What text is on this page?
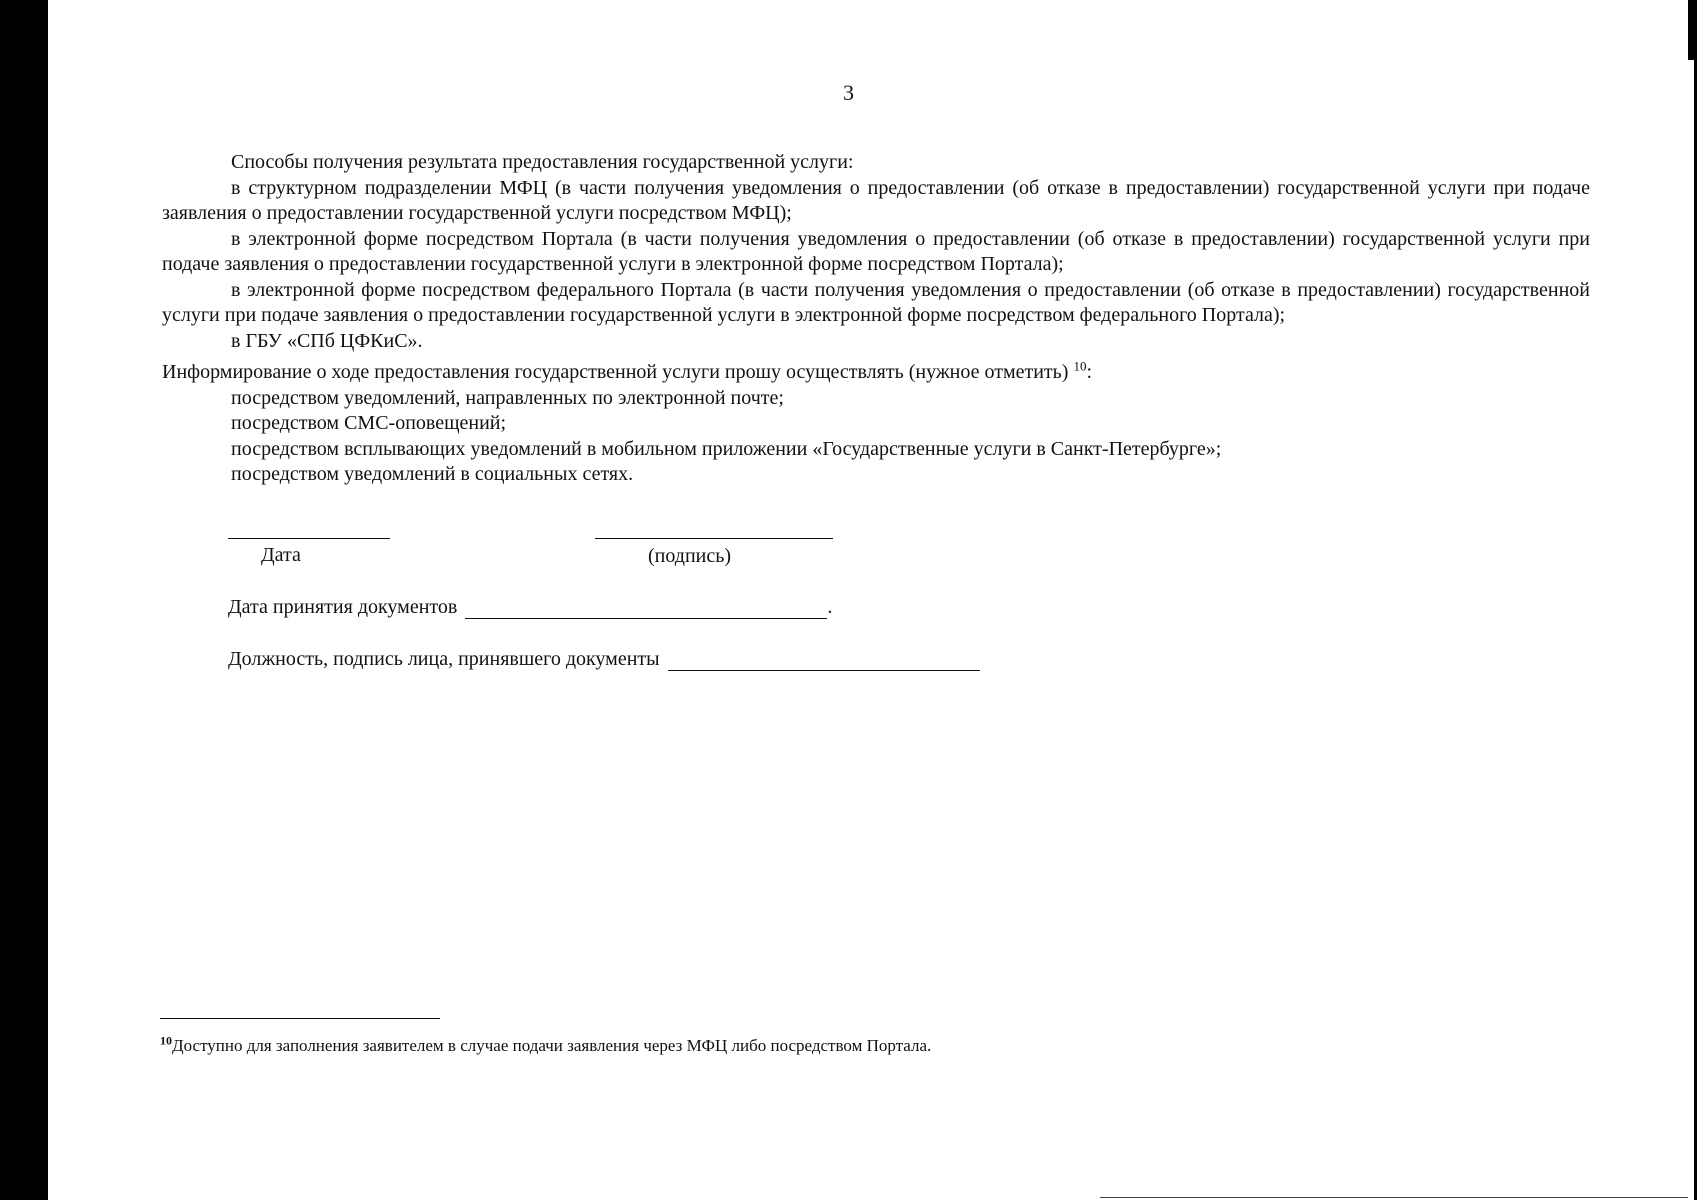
3

Способы получения результата предоставления государственной услуги:

в структурном подразделении МФЦ (в части получения уведомления о предоставлении (об отказе в предоставлении) государственной услуги при подаче заявления о предоставлении государственной услуги посредством МФЦ);

в электронной форме посредством Портала (в части получения уведомления о предоставлении (об отказе в предоставлении) государственной услуги при подаче заявления о предоставлении государственной услуги в электронной форме посредством Портала);

в электронной форме посредством федерального Портала (в части получения уведомления о предоставлении (об отказе в предоставлении) государственной услуги при подаче заявления о предоставлении государственной услуги в электронной форме посредством федерального Портала);

в ГБУ «СПб ЦФКиС».

Информирование о ходе предоставления государственной услуги прошу осуществлять (нужное отметить) $^{10}$:

посредством уведомлений, направленных по электронной почте;

посредством СМС-оповещений;

посредством всплывающих уведомлений в мобильном приложении «Государственные услуги в Санкт-Петербурге»;

посредством уведомлений в социальных сетях.

Дата	(подпись)
Дата принятия документов	.
Должность, подпись лица, принявшего документы
$^{10}$Доступно для заполнения заявителем в случае подачи заявления через МФЦ либо посредством Портала.
